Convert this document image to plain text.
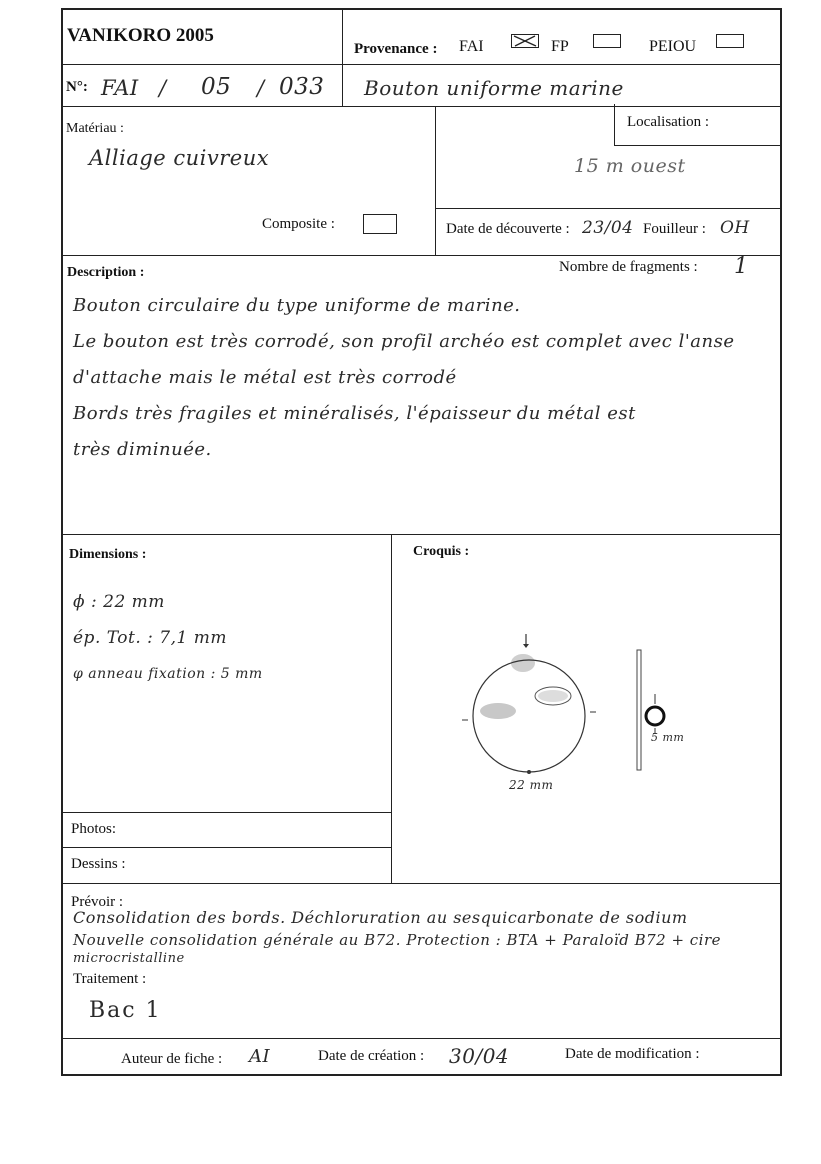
VANIKORO 2005
Provenance : FAI	FP	PEIOU
N°: FAI / 05 / 033 Bouton uniforme marine
Matériau :
Alliage cuivreux
Composite :
Localisation :
15 m ouest
Date de découverte : 23/04 Fouilleur : OH
Description :	Nombre de fragments : 1
Bouton circulaire du type uniforme de marine.
Le bouton est très corrodé, son profil archéo est complet avec l'anse
d'attache mais le métal est très corrodé
Bords très fragiles et minéralisés, l'épaisseur du métal est
très diminuée.
Dimensions :
ϕ : 22 mm
ép. Tot. : 7,1 mm
φ anneau fixation : 5 mm
Croquis :
22 mm
5 mm
Photos:
Dessins :
Prévoir :
Consolidation des bords. Déchloruration au sesquicarbonate de sodium
Nouvelle consolidation générale au B72. Protection : BTA + Paraloïd B72 + cire
microcristalline
Traitement :
Bac 1
Auteur de fiche : AI	Date de création : 30/04	Date de modification :
